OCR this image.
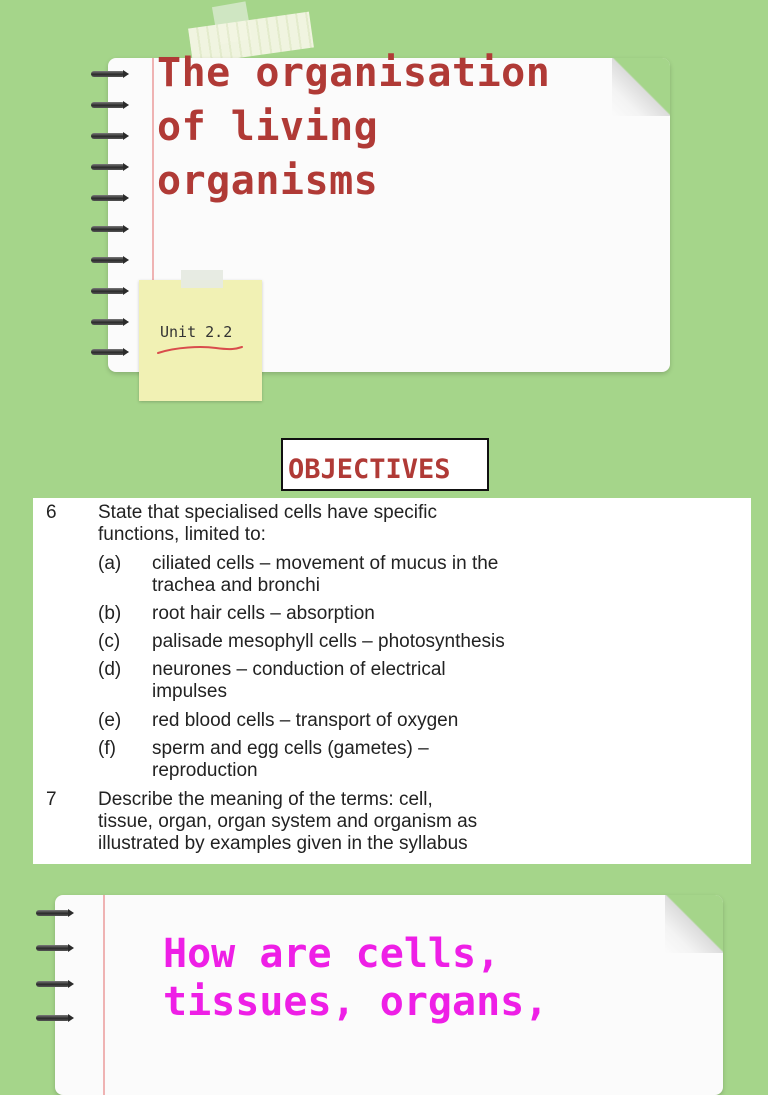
The organisation
of living
organisms
Unit 2.2
OBJECTIVES
6 State that specialised cells have specific
functions, limited to:
(a) ciliated cells – movement of mucus in the
trachea and bronchi
(b) root hair cells – absorption
(c) palisade mesophyll cells – photosynthesis
(d) neurones – conduction of electrical
impulses
(e) red blood cells – transport of oxygen
(f) sperm and egg cells (gametes) –
reproduction
7 Describe the meaning of the terms: cell,
tissue, organ, organ system and organism as
illustrated by examples given in the syllabus
How are cells,
tissues, organs,
